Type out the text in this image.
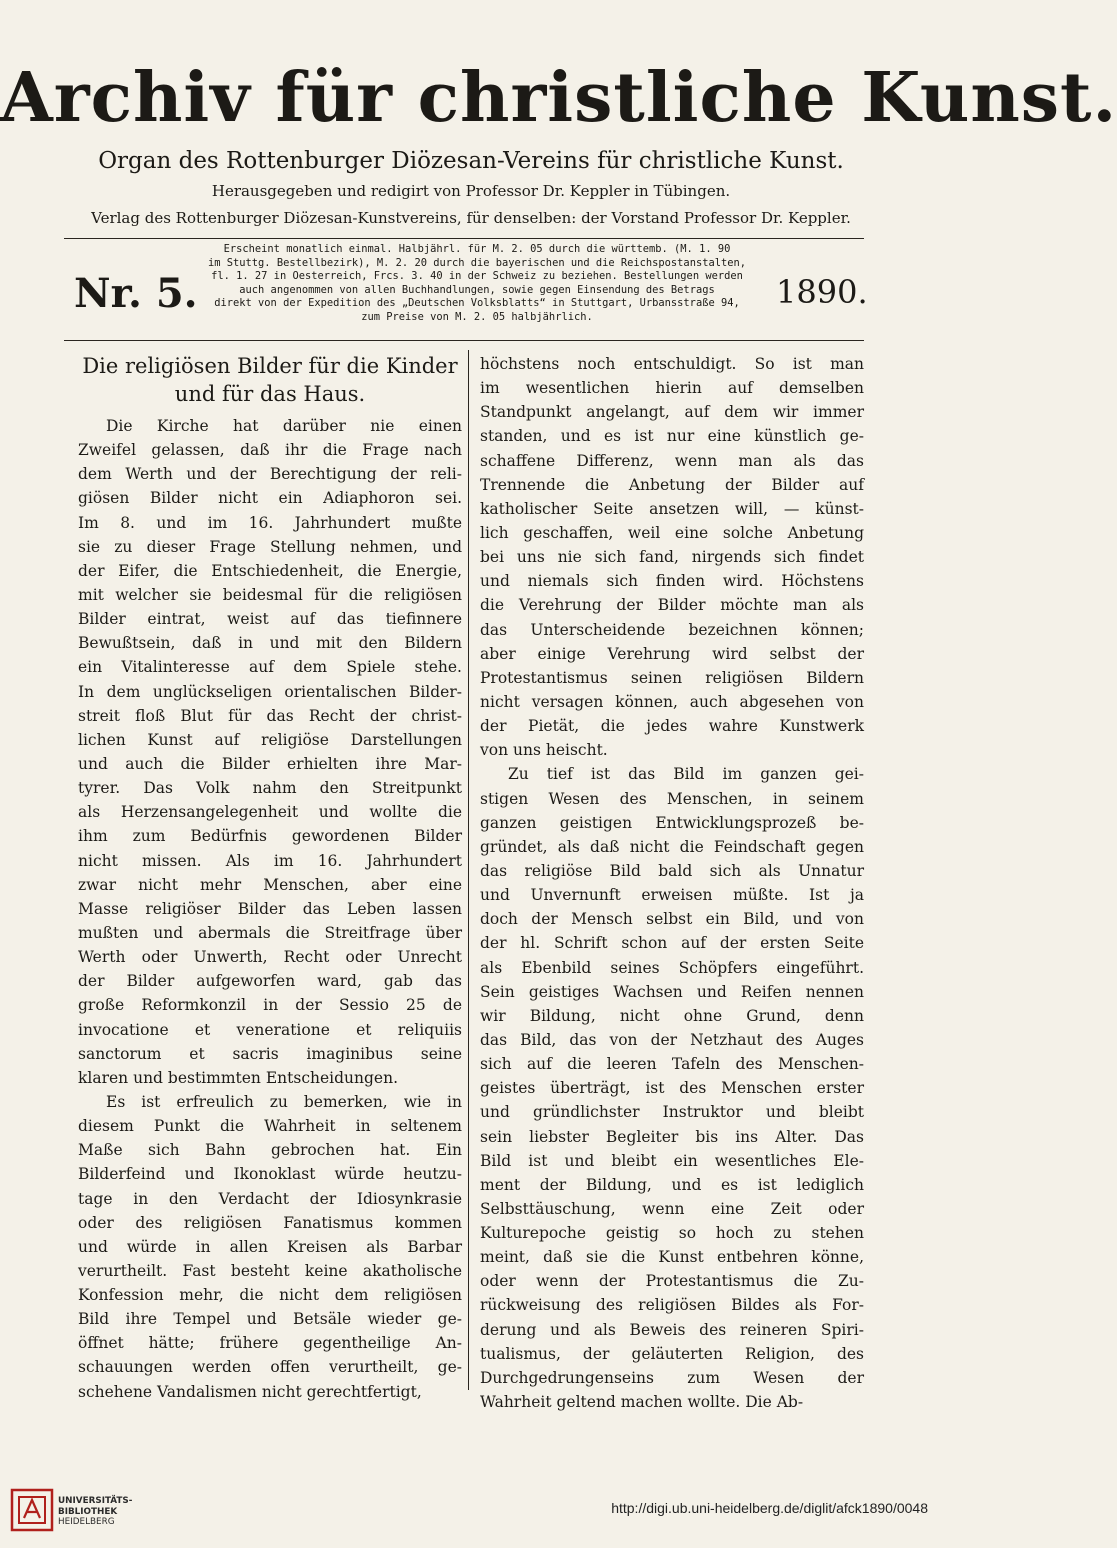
Archiv für christliche Kunst.
Organ des Rottenburger Diözesan-Vereins für christliche Kunst.
Herausgegeben und redigirt von Professor Dr. Keppler in Tübingen.
Verlag des Rottenburger Diözesan-Kunstvereins, für denselben: der Vorstand Professor Dr. Keppler.
Nr. 5.
Erscheint monatlich einmal. Halbjährl. für M. 2. 05 durch die württemb. (M. 1. 90
im Stuttg. Bestellbezirk), M. 2. 20 durch die bayerischen und die Reichspostanstalten,
fl. 1. 27 in Oesterreich, Frcs. 3. 40 in der Schweiz zu beziehen. Bestellungen werden
auch angenommen von allen Buchhandlungen, sowie gegen Einsendung des Betrags
direkt von der Expedition des „Deutschen Volksblatts“ in Stuttgart, Urbansstraße 94,
zum Preise von M. 2. 05 halbjährlich.
1890.
Die religiösen Bilder für die Kinder
und für das Haus.
Die Kirche hat darüber nie einen
Zweifel gelassen, daß ihr die Frage nach
dem Werth und der Berechtigung der reli-
giösen Bilder nicht ein Adiaphoron sei.
Im 8. und im 16. Jahrhundert mußte
sie zu dieser Frage Stellung nehmen, und
der Eifer, die Entschiedenheit, die Energie,
mit welcher sie beidesmal für die religiösen
Bilder eintrat, weist auf das tiefinnere
Bewußtsein, daß in und mit den Bildern
ein Vitalinteresse auf dem Spiele stehe.
In dem unglückseligen orientalischen Bilder-
streit floß Blut für das Recht der christ-
lichen Kunst auf religiöse Darstellungen
und auch die Bilder erhielten ihre Mar-
tyrer. Das Volk nahm den Streitpunkt
als Herzensangelegenheit und wollte die
ihm zum Bedürfnis gewordenen Bilder
nicht missen. Als im 16. Jahrhundert
zwar nicht mehr Menschen, aber eine
Masse religiöser Bilder das Leben lassen
mußten und abermals die Streitfrage über
Werth oder Unwerth, Recht oder Unrecht
der Bilder aufgeworfen ward, gab das
große Reformkonzil in der Sessio 25 de
invocatione et veneratione et reliquiis
sanctorum et sacris imaginibus seine
klaren und bestimmten Entscheidungen.
Es ist erfreulich zu bemerken, wie in
diesem Punkt die Wahrheit in seltenem
Maße sich Bahn gebrochen hat. Ein
Bilderfeind und Ikonoklast würde heutzu-
tage in den Verdacht der Idiosynkrasie
oder des religiösen Fanatismus kommen
und würde in allen Kreisen als Barbar
verurtheilt. Fast besteht keine akatholische
Konfession mehr, die nicht dem religiösen
Bild ihre Tempel und Betsäle wieder ge-
öffnet hätte; frühere gegentheilige An-
schauungen werden offen verurtheilt, ge-
schehene Vandalismen nicht gerechtfertigt,
höchstens noch entschuldigt. So ist man
im wesentlichen hierin auf demselben
Standpunkt angelangt, auf dem wir immer
standen, und es ist nur eine künstlich ge-
schaffene Differenz, wenn man als das
Trennende die Anbetung der Bilder auf
katholischer Seite ansetzen will, — künst-
lich geschaffen, weil eine solche Anbetung
bei uns nie sich fand, nirgends sich findet
und niemals sich finden wird. Höchstens
die Verehrung der Bilder möchte man als
das Unterscheidende bezeichnen können;
aber einige Verehrung wird selbst der
Protestantismus seinen religiösen Bildern
nicht versagen können, auch abgesehen von
der Pietät, die jedes wahre Kunstwerk
von uns heischt.
Zu tief ist das Bild im ganzen gei-
stigen Wesen des Menschen, in seinem
ganzen geistigen Entwicklungsprozeß be-
gründet, als daß nicht die Feindschaft gegen
das religiöse Bild bald sich als Unnatur
und Unvernunft erweisen müßte. Ist ja
doch der Mensch selbst ein Bild, und von
der hl. Schrift schon auf der ersten Seite
als Ebenbild seines Schöpfers eingeführt.
Sein geistiges Wachsen und Reifen nennen
wir Bildung, nicht ohne Grund, denn
das Bild, das von der Netzhaut des Auges
sich auf die leeren Tafeln des Menschen-
geistes überträgt, ist des Menschen erster
und gründlichster Instruktor und bleibt
sein liebster Begleiter bis ins Alter. Das
Bild ist und bleibt ein wesentliches Ele-
ment der Bildung, und es ist lediglich
Selbsttäuschung, wenn eine Zeit oder
Kulturepoche geistig so hoch zu stehen
meint, daß sie die Kunst entbehren könne,
oder wenn der Protestantismus die Zu-
rückweisung des religiösen Bildes als For-
derung und als Beweis des reineren Spiri-
tualismus, der geläuterten Religion, des
Durchgedrungenseins zum Wesen der
Wahrheit geltend machen wollte. Die Ab-
UNIVERSITÄTS-
BIBLIOTHEK
HEIDELBERG
http://digi.ub.uni-heidelberg.de/diglit/afck1890/0048
